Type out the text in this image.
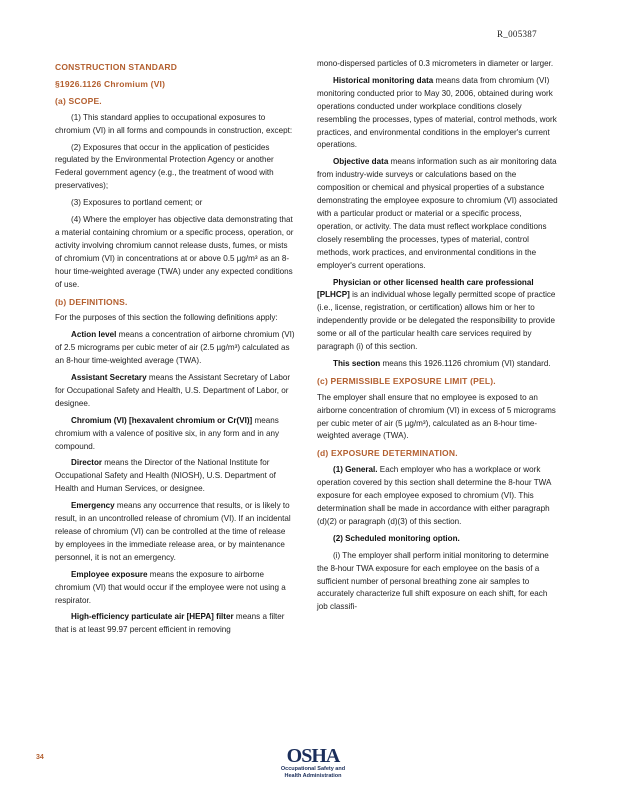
R_005387

CONSTRUCTION STANDARD

§1926.1126 Chromium (VI)

(a) SCOPE.

(1) This standard applies to occupational exposures to chromium (VI) in all forms and compounds in construction, except:

(2) Exposures that occur in the application of pesticides regulated by the Environmental Protection Agency or another Federal government agency (e.g., the treatment of wood with preservatives);

(3) Exposures to portland cement; or

(4) Where the employer has objective data demonstrating that a material containing chromium or a specific process, operation, or activity involving chromium cannot release dusts, fumes, or mists of chromium (VI) in concentrations at or above 0.5 µg/m³ as an 8-hour time-weighted average (TWA) under any expected conditions of use.

(b) DEFINITIONS.

For the purposes of this section the following definitions apply:

Action level means a concentration of airborne chromium (VI) of 2.5 micrograms per cubic meter of air (2.5 µg/m³) calculated as an 8-hour time-weighted average (TWA).

Assistant Secretary means the Assistant Secretary of Labor for Occupational Safety and Health, U.S. Department of Labor, or designee.

Chromium (VI) [hexavalent chromium or Cr(VI)] means chromium with a valence of positive six, in any form and in any compound.

Director means the Director of the National Institute for Occupational Safety and Health (NIOSH), U.S. Department of Health and Human Services, or designee.

Emergency means any occurrence that results, or is likely to result, in an uncontrolled release of chromium (VI). If an incidental release of chromium (VI) can be controlled at the time of release by employees in the immediate release area, or by maintenance personnel, it is not an emergency.

Employee exposure means the exposure to airborne chromium (VI) that would occur if the employee were not using a respirator.

High-efficiency particulate air [HEPA] filter means a filter that is at least 99.97 percent efficient in removing

mono-dispersed particles of 0.3 micrometers in diameter or larger.

Historical monitoring data means data from chromium (VI) monitoring conducted prior to May 30, 2006, obtained during work operations conducted under workplace conditions closely resembling the processes, types of material, control methods, work practices, and environmental conditions in the employer's current operations.

Objective data means information such as air monitoring data from industry-wide surveys or calculations based on the composition or chemical and physical properties of a substance demonstrating the employee exposure to chromium (VI) associated with a particular product or material or a specific process, operation, or activity. The data must reflect workplace conditions closely resembling the processes, types of material, control methods, work practices, and environmental conditions in the employer's current operations.

Physician or other licensed health care professional [PLHCP] is an individual whose legally permitted scope of practice (i.e., license, registration, or certification) allows him or her to independently provide or be delegated the responsibility to provide some or all of the particular health care services required by paragraph (i) of this section.

This section means this 1926.1126 chromium (VI) standard.

(c) PERMISSIBLE EXPOSURE LIMIT (PEL).

The employer shall ensure that no employee is exposed to an airborne concentration of chromium (VI) in excess of 5 micrograms per cubic meter of air (5 µg/m³), calculated as an 8-hour time-weighted average (TWA).

(d) EXPOSURE DETERMINATION.

(1) General. Each employer who has a workplace or work operation covered by this section shall determine the 8-hour TWA exposure for each employee exposed to chromium (VI). This determination shall be made in accordance with either paragraph (d)(2) or paragraph (d)(3) of this section.

(2) Scheduled monitoring option.

(i) The employer shall perform initial monitoring to determine the 8-hour TWA exposure for each employee on the basis of a sufficient number of personal breathing zone air samples to accurately characterize full shift exposure on each shift, for each job classifi-

34	OSHA
Occupational Safety and
Health Administration
